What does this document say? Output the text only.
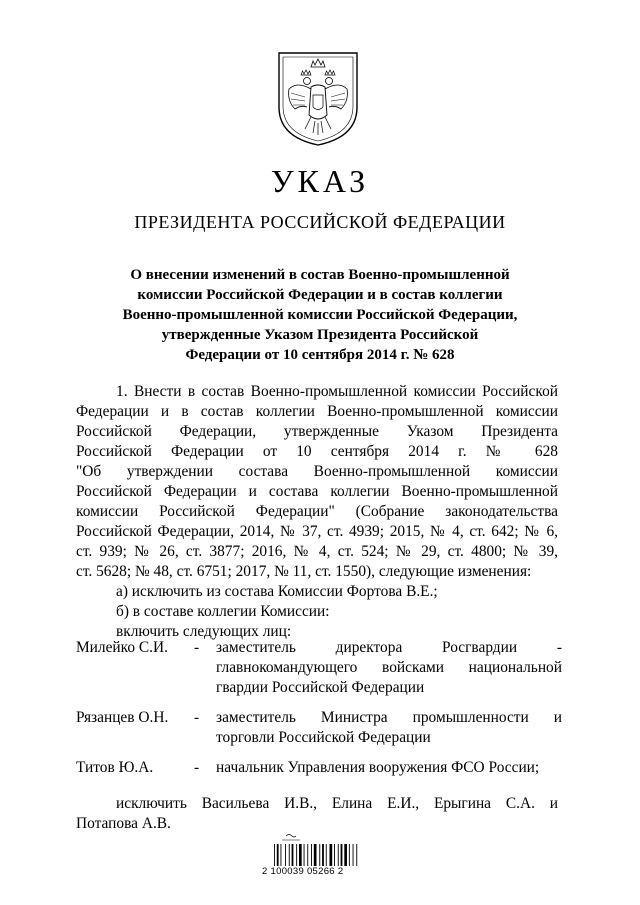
УКАЗ
ПРЕЗИДЕНТА РОССИЙСКОЙ ФЕДЕРАЦИИ
О внесении изменений в состав Военно-промышленной
комиссии Российской Федерации и в состав коллегии
Военно-промышленной комиссии Российской Федерации,
утвержденные Указом Президента Российской
Федерации от 10 сентября 2014 г. № 628
1. Внести в состав Военно-промышленной комиссии Российской
Федерации и в состав коллегии Военно-промышленной комиссии
Российской Федерации, утвержденные Указом Президента
Российской Федерации от 10 сентября 2014 г. № 628
"Об утверждении состава Военно-промышленной комиссии
Российской Федерации и состава коллегии Военно-промышленной
комиссии Российской Федерации" (Собрание законодательства
Российской Федерации, 2014, № 37, ст. 4939; 2015, № 4, ст. 642; № 6,
ст. 939; № 26, ст. 3877; 2016, № 4, ст. 524; № 29, ст. 4800; № 39,
ст. 5628; № 48, ст. 6751; 2017, № 11, ст. 1550), следующие изменения:
а) исключить из состава Комиссии Фортова В.Е.;
б) в составе коллегии Комиссии:
включить следующих лиц:
Милейко С.И.	-	заместитель директора Росгвардии -
главнокомандующего войсками национальной
гвардии Российской Федерации
Рязанцев О.Н.	-	заместитель Министра промышленности и
торговли Российской Федерации
Титов Ю.А.	-	начальник Управления вооружения ФСО России;
исключить Васильева И.В., Елина Е.И., Ерыгина С.А. и
Потапова А.В.
2 100039 05266 2
